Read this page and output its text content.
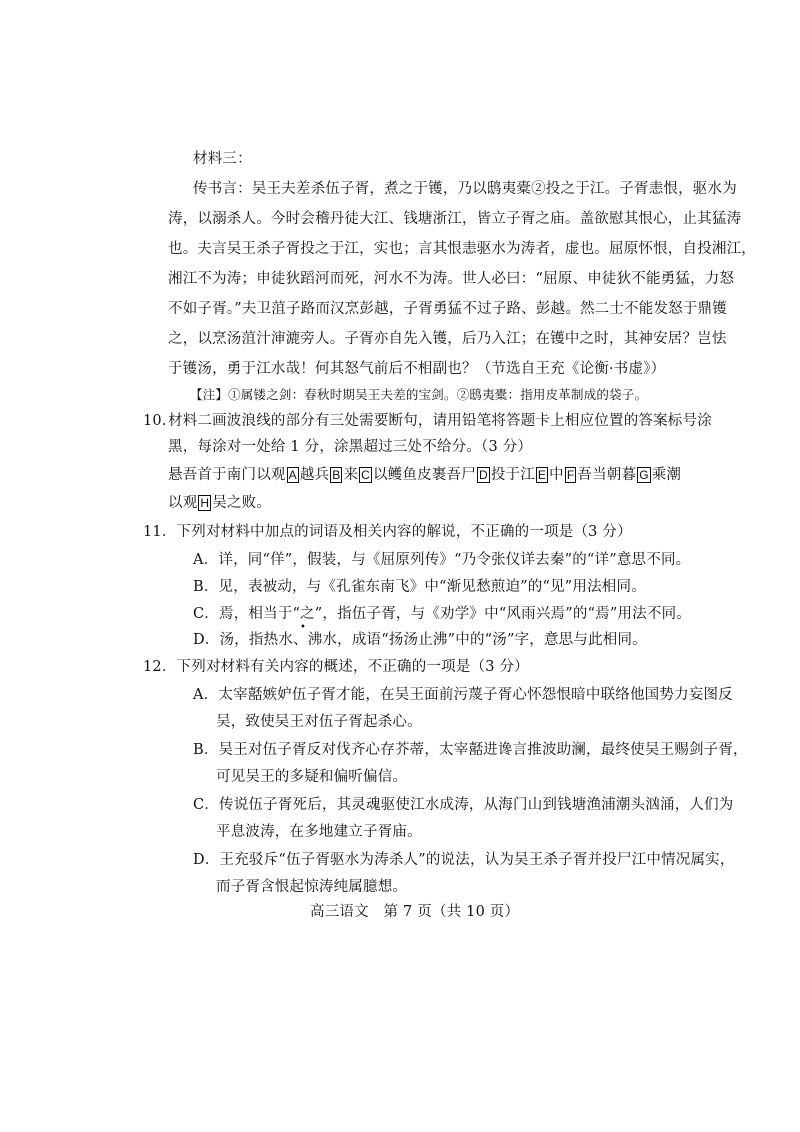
材料三：
传书言：吴王夫差杀伍子胥，煮之于镬，乃以鸱夷橐②投之于江。子胥恚恨，驱水为
涛，以溺杀人。今时会稽丹徒大江、钱塘浙江，皆立子胥之庙。盖欲慰其恨心，止其猛涛
也。夫言吴王杀子胥投之于江，实也；言其恨恚驱水为涛者，虚也。屈原怀恨，自投湘江，
湘江不为涛；申徒狄蹈河而死，河水不为涛。世人必曰：“屈原、申徒狄不能勇猛，力怒
不如子胥。”夫卫菹子路而汉烹彭越，子胥勇猛不过子路、彭越。然二士不能发怒于鼎镬
之，以烹汤菹汁渖漉旁人。子胥亦自先入镬，后乃入江；在镬中之时，其神安居？岂怯
于镬汤，勇于江水哉！何其怒气前后不相副也？（节选自王充《论衡·书虚》）
【注】①属镂之剑：春秋时期吴王夫差的宝剑。②鸱夷橐：指用皮革制成的袋子。
10. 材料二画波浪线的部分有三处需要断句，请用铅笔将答题卡上相应位置的答案标号涂
黑，每涂对一处给 1 分，涂黑超过三处不给分。（3 分）
悬吾首于南门以观 A 越兵 B 来 C 以鳠鱼皮裹吾尸 D 投于江 E 中 F 吾当朝暮 G 乘潮
以观 H 吴之败。
11．下列对材料中加点的词语及相关内容的解说，不正确的一项是（3 分）
A．详，同“佯”，假装，与《屈原列传》“乃令张仪详去秦”的“详”意思不同。
B．见，表被动，与《孔雀东南飞》中“渐见愁煎迫”的“见”用法相同。
C．焉，相当于“之”，指伍子胥，与《劝学》中“风雨兴焉”的“焉”用法不同。
•
D．汤，指热水、沸水，成语“扬汤止沸”中的“汤”字，意思与此相同。
12．下列对材料有关内容的概述，不正确的一项是（3 分）
A．太宰嚭嫉妒伍子胥才能，在吴王面前污蔑子胥心怀怨恨暗中联络他国势力妄图反
吴，致使吴王对伍子胥起杀心。
B．吴王对伍子胥反对伐齐心存芥蒂，太宰嚭进谗言推波助澜，最终使吴王赐剑子胥，
可见吴王的多疑和偏听偏信。
C．传说伍子胥死后，其灵魂驱使江水成涛，从海门山到钱塘渔浦潮头汹涌，人们为
平息波涛，在多地建立子胥庙。
D．王充驳斥“伍子胥驱水为涛杀人”的说法，认为吴王杀子胥并投尸江中情况属实，
而子胥含恨起惊涛纯属臆想。
高三语文　第 7 页（共 10 页）
